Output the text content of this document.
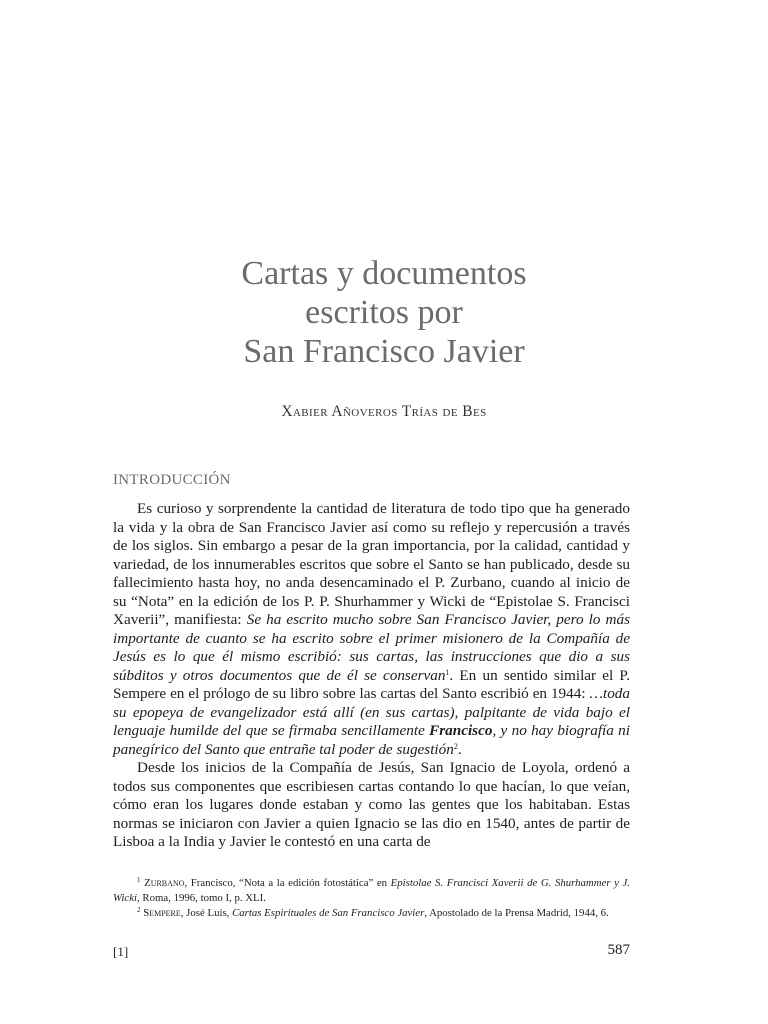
Cartas y documentos
escritos por
San Francisco Javier

Xabier Añoveros Trías de Bes

INTRODUCCIÓN

Es curioso y sorprendente la cantidad de literatura de todo tipo que ha generado la vida y la obra de San Francisco Javier así como su reflejo y repercusión a través de los siglos. Sin embargo a pesar de la gran importancia, por la calidad, cantidad y variedad, de los innumerables escritos que sobre el Santo se han publicado, desde su fallecimiento hasta hoy, no anda desencaminado el P. Zurbano, cuando al inicio de su “Nota” en la edición de los P. P. Shurhammer y Wicki de “Epistolae S. Francisci Xaverii”, manifiesta: Se ha escrito mucho sobre San Francisco Javier, pero lo más importante de cuanto se ha escrito sobre el primer misionero de la Compañía de Jesús es lo que él mismo escribió: sus cartas, las instrucciones que dio a sus súbditos y otros documentos que de él se conservan$^1$. En un sentido similar el P. Sempere en el prólogo de su libro sobre las cartas del Santo escribió en 1944: …toda su epopeya de evangelizador está allí (en sus cartas), palpitante de vida bajo el lenguaje humilde del que se firmaba sencillamente Francisco, y no hay biografía ni panegírico del Santo que entrañe tal poder de sugestión$^2$.

Desde los inicios de la Compañía de Jesús, San Ignacio de Loyola, ordenó a todos sus componentes que escribiesen cartas contando lo que hacían, lo que veían, cómo eran los lugares donde estaban y como las gentes que los habitaban. Estas normas se iniciaron con Javier a quien Ignacio se las dio en 1540, antes de partir de Lisboa a la India y Javier le contestó en una carta de

$^1$ Zurbano, Francisco, “Nota a la edición fotostática” en Epistolae S. Francisci Xaverii de G. Shurhammer y J. Wicki, Roma, 1996, tomo I, p. XLI.

$^2$ Sempere, José Luis, Cartas Espirituales de San Francisco Javier, Apostolado de la Prensa Madrid, 1944, 6.

[1]	587
